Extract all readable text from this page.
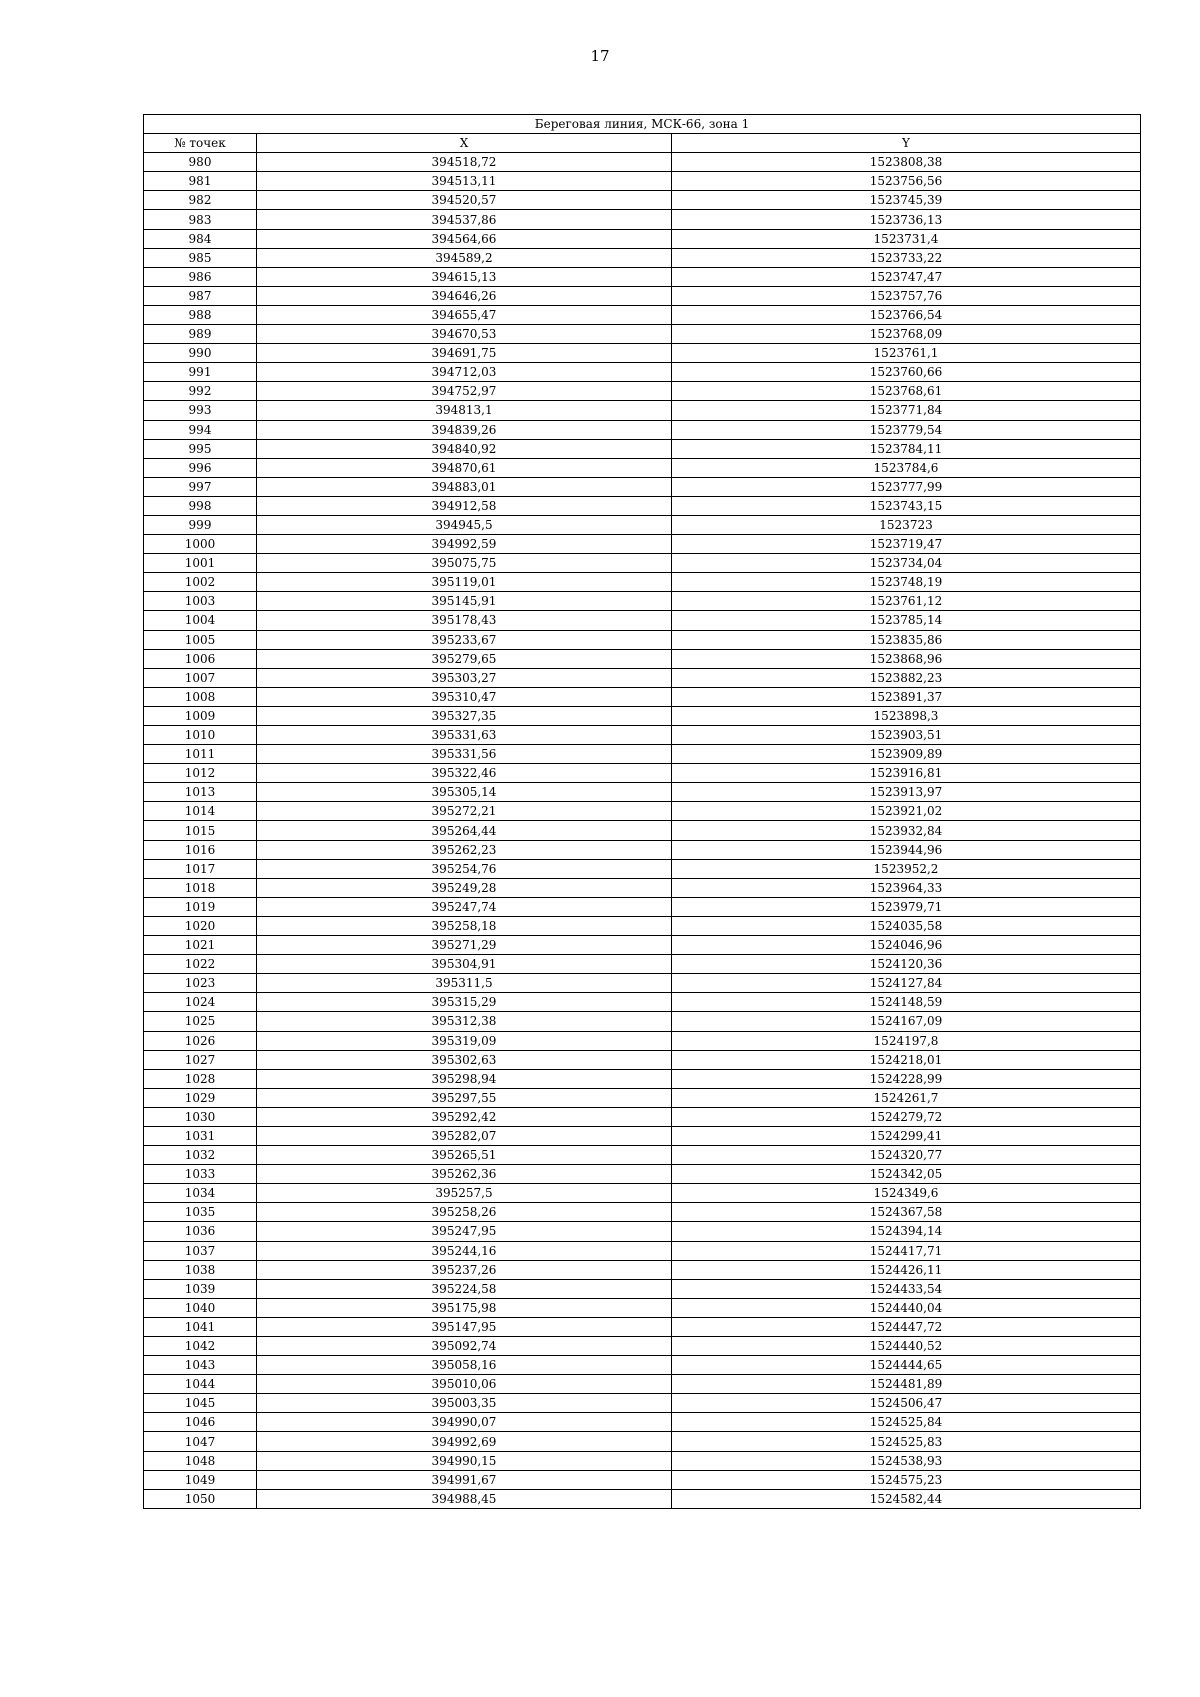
17
Береговая линия, МСК-66, зона 1		
№ точек	X	Y
980	394518,72	1523808,38
981	394513,11	1523756,56
982	394520,57	1523745,39
983	394537,86	1523736,13
984	394564,66	1523731,4
985	394589,2	1523733,22
986	394615,13	1523747,47
987	394646,26	1523757,76
988	394655,47	1523766,54
989	394670,53	1523768,09
990	394691,75	1523761,1
991	394712,03	1523760,66
992	394752,97	1523768,61
993	394813,1	1523771,84
994	394839,26	1523779,54
995	394840,92	1523784,11
996	394870,61	1523784,6
997	394883,01	1523777,99
998	394912,58	1523743,15
999	394945,5	1523723
1000	394992,59	1523719,47
1001	395075,75	1523734,04
1002	395119,01	1523748,19
1003	395145,91	1523761,12
1004	395178,43	1523785,14
1005	395233,67	1523835,86
1006	395279,65	1523868,96
1007	395303,27	1523882,23
1008	395310,47	1523891,37
1009	395327,35	1523898,3
1010	395331,63	1523903,51
1011	395331,56	1523909,89
1012	395322,46	1523916,81
1013	395305,14	1523913,97
1014	395272,21	1523921,02
1015	395264,44	1523932,84
1016	395262,23	1523944,96
1017	395254,76	1523952,2
1018	395249,28	1523964,33
1019	395247,74	1523979,71
1020	395258,18	1524035,58
1021	395271,29	1524046,96
1022	395304,91	1524120,36
1023	395311,5	1524127,84
1024	395315,29	1524148,59
1025	395312,38	1524167,09
1026	395319,09	1524197,8
1027	395302,63	1524218,01
1028	395298,94	1524228,99
1029	395297,55	1524261,7
1030	395292,42	1524279,72
1031	395282,07	1524299,41
1032	395265,51	1524320,77
1033	395262,36	1524342,05
1034	395257,5	1524349,6
1035	395258,26	1524367,58
1036	395247,95	1524394,14
1037	395244,16	1524417,71
1038	395237,26	1524426,11
1039	395224,58	1524433,54
1040	395175,98	1524440,04
1041	395147,95	1524447,72
1042	395092,74	1524440,52
1043	395058,16	1524444,65
1044	395010,06	1524481,89
1045	395003,35	1524506,47
1046	394990,07	1524525,84
1047	394992,69	1524525,83
1048	394990,15	1524538,93
1049	394991,67	1524575,23
1050	394988,45	1524582,44
